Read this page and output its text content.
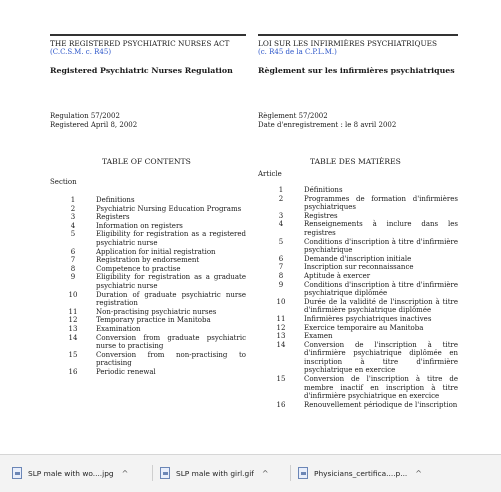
THE REGISTERED PSYCHIATRIC NURSES ACT
(C.C.S.M. c. R45)
Registered Psychiatric Nurses Regulation
LOI SUR LES INFIRMIÈRES PSYCHIATRIQUES
(c. R45 de la C.P.L.M.)
Règlement sur les infirmières psychiatriques
Regulation 57/2002
Registered April 8, 2002
Règlement 57/2002
Date d'enregistrement : le 8 avril 2002
TABLE OF CONTENTS	TABLE DES MATIÈRES
Section
Article
1	Definitions
2	Psychiatric Nursing Education Programs
3	Registers
4	Information on registers
5	Eligibility for registration as a registered psychiatric nurse
6	Application for initial registration
7	Registration by endorsement
8	Competence to practise
9	Eligibility for registration as a graduate psychiatric nurse
10	Duration of graduate psychiatric nurse registration
11	Non-practising psychiatric nurses
12	Temporary practice in Manitoba
13	Examination
14	Conversion from graduate psychiatric nurse to practising
15	Conversion from non-practising to practising
16	Periodic renewal
1	Définitions
2	Programmes de formation d'infirmières psychiatriques
3	Registres
4	Renseignements à inclure dans les registres
5	Conditions d'inscription à titre d'infirmière psychiatrique
6	Demande d'inscription initiale
7	Inscription sur reconnaissance
8	Aptitude à exercer
9	Conditions d'inscription à titre d'infirmière psychiatrique diplômée
10	Durée de la validité de l'inscription à titre d'infirmière psychiatrique diplômée
11	Infirmières psychiatriques inactives
12	Exercice temporaire au Manitoba
13	Examen
14	Conversion de l'inscription à titre d'infirmière psychiatrique diplômée en inscription à titre d'infirmière psychiatrique en exercice
15	Conversion de l'inscription à titre de membre inactif en inscription à titre d'infirmière psychiatrique en exercice
16	Renouvellement périodique de l'inscription
SLP male with wo....jpg ^	SLP male with girl.gif ^	Physicians_certifica....p... ^
